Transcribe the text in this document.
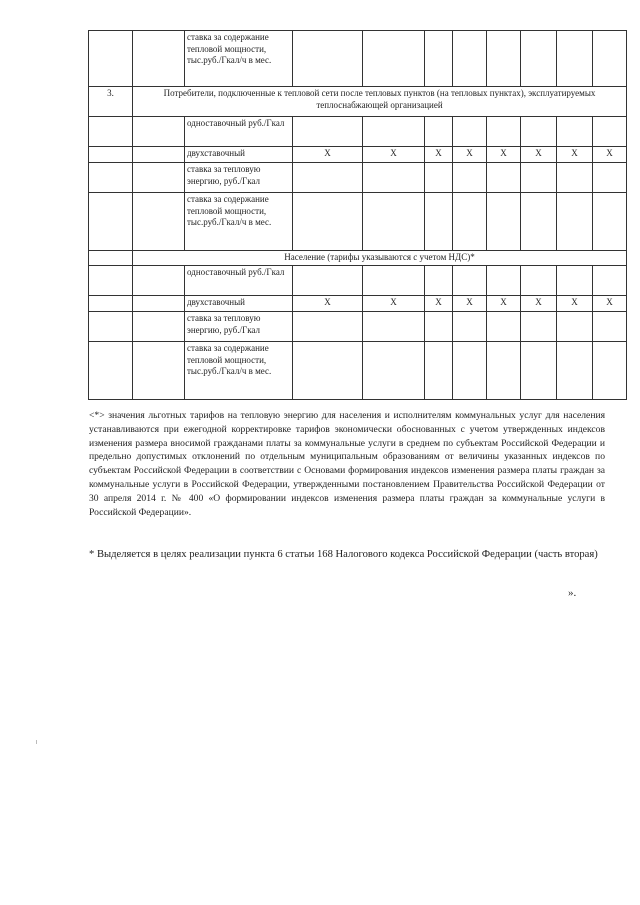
		ставка за содержание тепловой мощности, тыс.руб./Гкал/ч в мес.								
3.	Потребители, подключенные к тепловой сети после тепловых пунктов (на тепловых пунктах), эксплуатируемых теплоснабжающей организацией									
		одноставочный руб./Гкал								
		двухставочный	Х	Х	Х	Х	Х	Х	Х	Х
		ставка за тепловую энергию, руб./Гкал								
		ставка за содержание тепловой мощности, тыс.руб./Гкал/ч в мес.								
	Население (тарифы указываются с учетом НДС)*									
		одноставочный руб./Гкал								
		двухставочный	Х	Х	Х	Х	Х	Х	Х	Х
		ставка за тепловую энергию, руб./Гкал								
		ставка за содержание тепловой мощности, тыс.руб./Гкал/ч в мес.								
<*> значения льготных тарифов на тепловую энергию для населения и исполнителям коммунальных услуг для населения устанавливаются при ежегодной корректировке тарифов экономически обоснованных с учетом утвержденных индексов изменения размера вносимой гражданами платы за коммунальные услуги в среднем по субъектам Российской Федерации и предельно допустимых отклонений по отдельным муниципальным образованиям от величины указанных индексов по субъектам Российской Федерации в соответствии с Основами формирования индексов изменения размера платы граждан за коммунальные услуги в Российской Федерации, утвержденными постановлением Правительства Российской Федерации от 30 апреля 2014 г. № 400 «О формировании индексов изменения размера платы граждан за коммунальные услуги в Российской Федерации».
* Выделяется в целях реализации пункта 6 статьи 168 Налогового кодекса Российской Федерации (часть вторая)
».
